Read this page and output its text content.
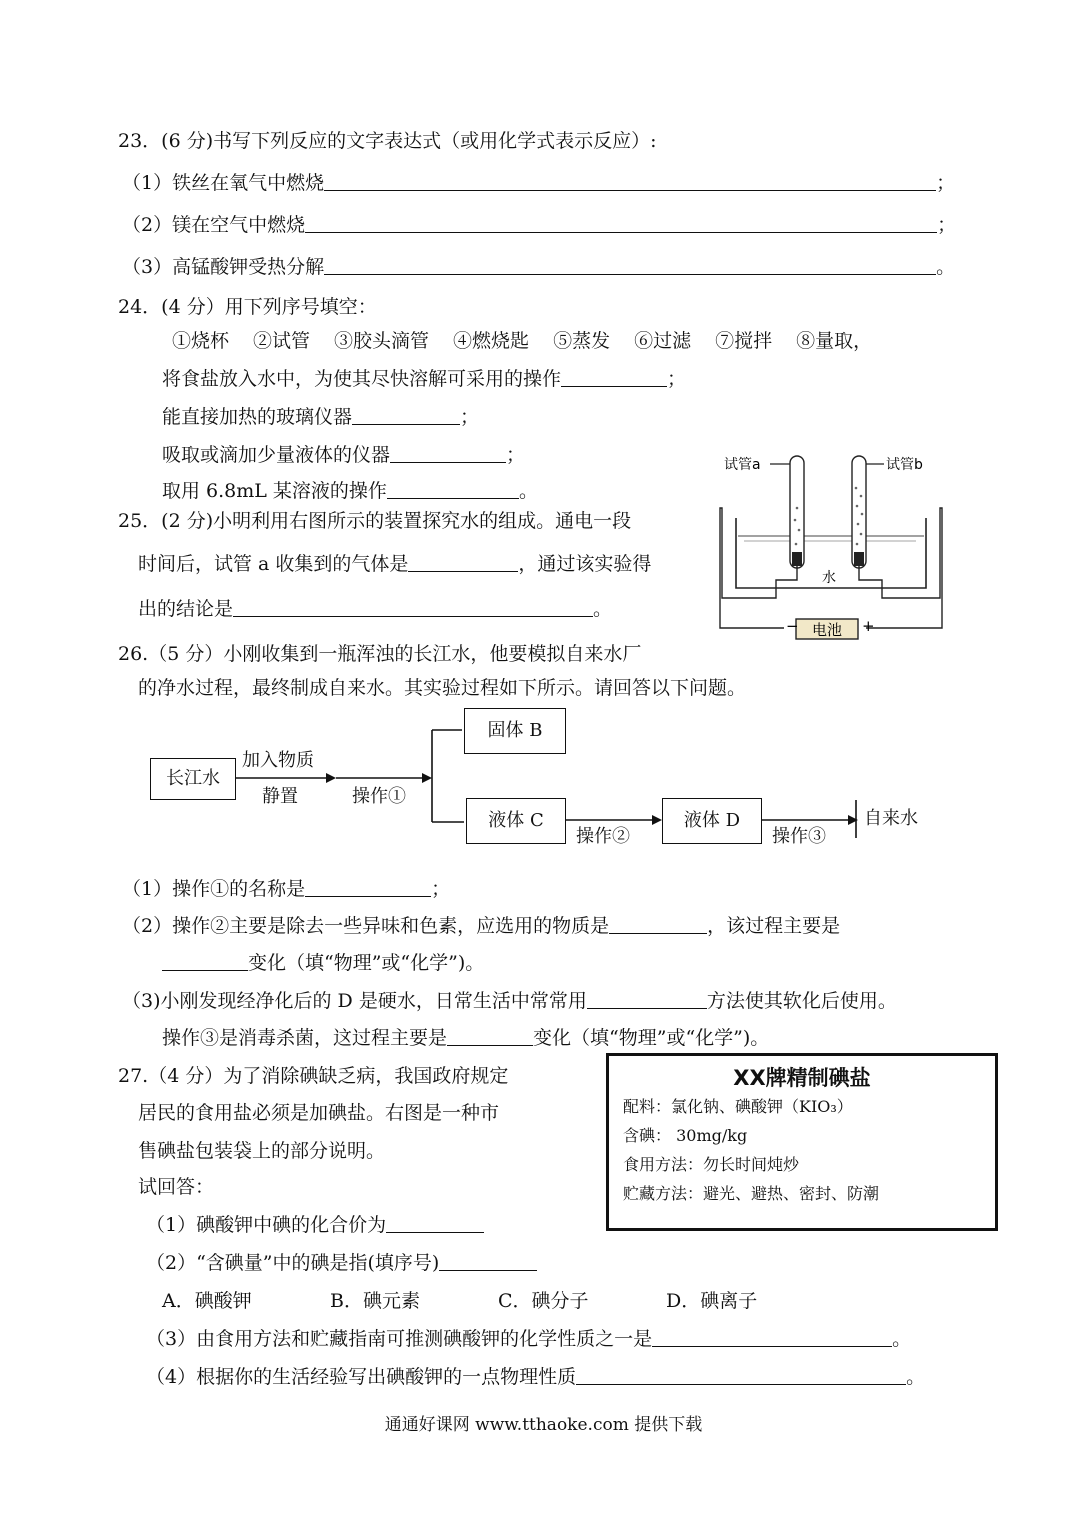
23．(6 分)书写下列反应的文字表达式（或用化学式表示反应）:
（1）铁丝在氧气中燃烧	；
（2）镁在空气中燃烧	；
（3）高锰酸钾受热分解	。
24．(4 分）用下列序号填空：
①烧杯 ②试管 ③胶头滴管 ④燃烧匙 ⑤蒸发 ⑥过滤 ⑦搅拌 ⑧量取，
将食盐放入水中，为使其尽快溶解可采用的操作	；
能直接加热的玻璃仪器	；
吸取或滴加少量液体的仪器	；
取用 6.8mL 某溶液的操作	。
25．(2 分)小明利用右图所示的装置探究水的组成。通电一段
时间后，试管 a 收集到的气体是	，通过该实验得
出的结论是	。
电池
−	+
水
试管a	试管b
26.（5 分）小刚收集到一瓶浑浊的长江水，他要模拟自来水厂
的净水过程，最终制成自来水。其实验过程如下所示。请回答以下问题。
长江水
固体 B
液体 C	液体 D
加入物质
静置	操作①
操作②	操作③
自来水
（1）操作①的名称是	；
（2）操作②主要是除去一些异味和色素，应选用的物质是	，该过程主要是
变化（填“物理”或“化学”)。
（3)小刚发现经净化后的 D 是硬水，日常生活中常常用	方法使其软化后使用。
操作③是消毒杀菌，这过程主要是	变化（填“物理”或“化学”)。
27.（4 分）为了消除碘缺乏病，我国政府规定
居民的食用盐必须是加碘盐。右图是一种市
售碘盐包装袋上的部分说明。
试回答：
XX牌精制碘盐
配料：氯化钠、碘酸钾（KIO₃）
含碘： 30mg/kg
食用方法：勿长时间炖炒
贮藏方法：避光、避热、密封、防潮
（1）碘酸钾中碘的化合价为
（2）“含碘量”中的碘是指(填序号)
A．碘酸钾	B．碘元素	C．碘分子	D．碘离子
（3）由食用方法和贮藏指南可推测碘酸钾的化学性质之一是	。
（4）根据你的生活经验写出碘酸钾的一点物理性质	。
通通好课网 www.tthaoke.com 提供下载
